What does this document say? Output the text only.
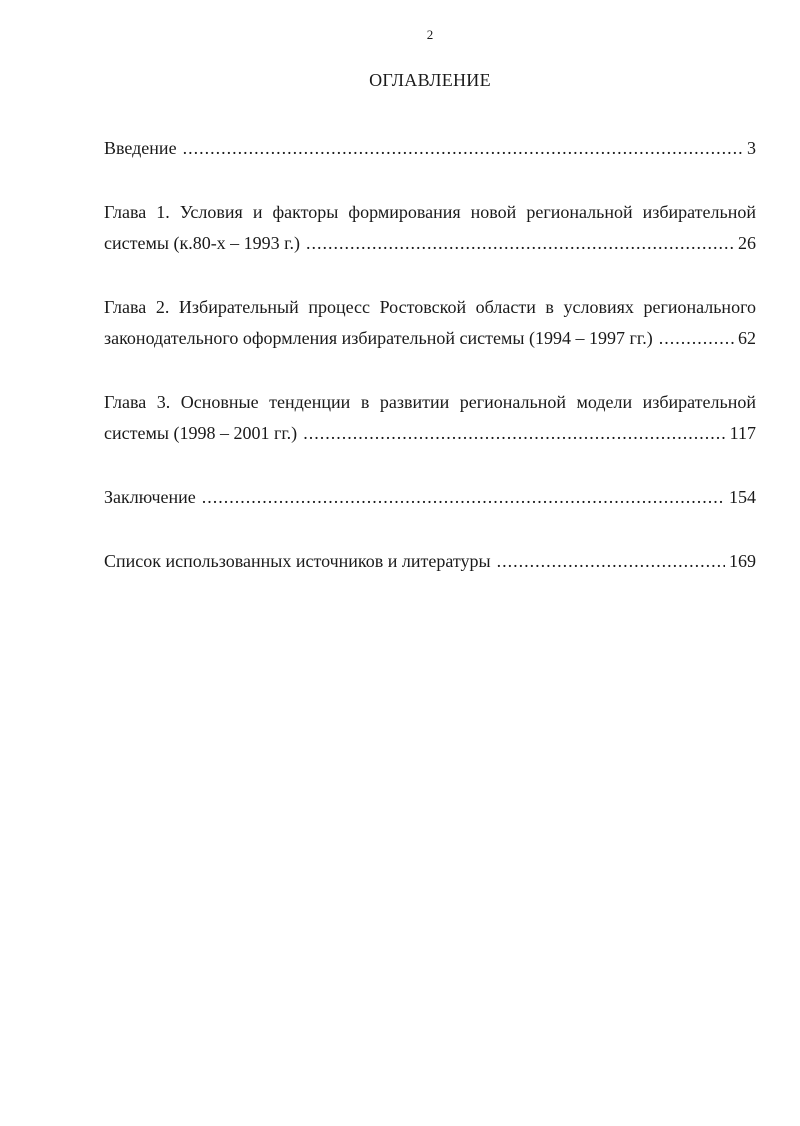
2
ОГЛАВЛЕНИЕ
Введение .....	3
Глава 1. Условия и факторы формирования новой региональной избирательной
системы (к.80-х – 1993 г.) .....	26
Глава 2. Избирательный процесс Ростовской области в условиях регионального
законодательного оформления избирательной системы (1994 – 1997 гг.) .....	62
Глава 3. Основные тенденции в развитии региональной модели избирательной
системы (1998 – 2001 гг.) .....	117
Заключение .....	154
Список использованных источников и литературы .....	169
